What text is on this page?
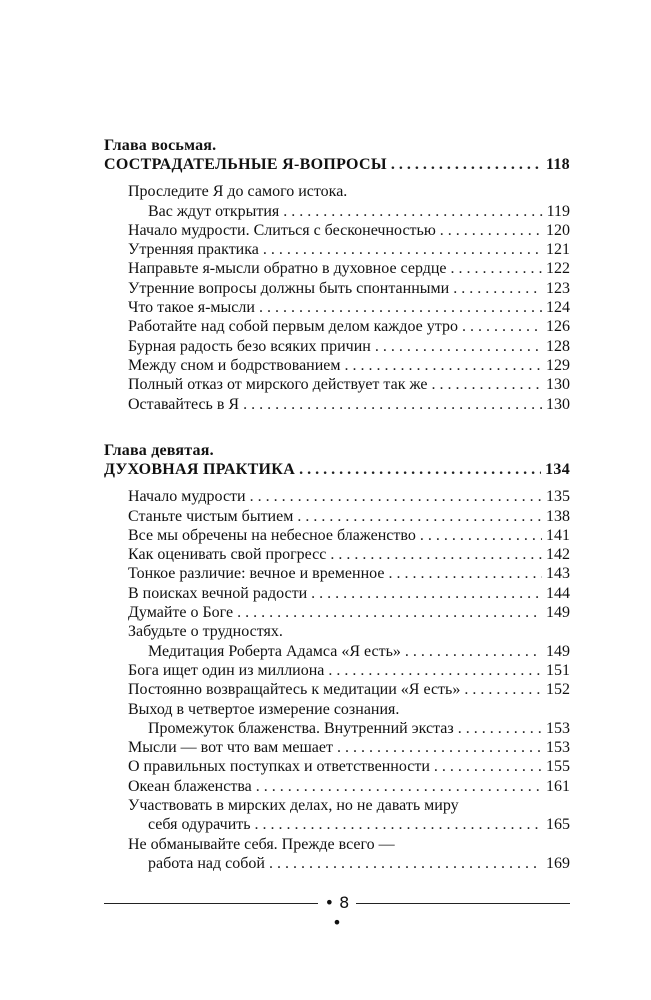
Глава восьмая.
СОСТРАДАТЕЛЬНЫЕ Я-ВОПРОСЫ . . .	118
Проследите Я до самого истока.
Вас ждут открытия . . .	119
Начало мудрости. Слиться с бесконечностью . . .	120
Утренняя практика . . .	121
Направьте я-мысли обратно в духовное сердце . . .	122
Утренние вопросы должны быть спонтанными . . .	123
Что такое я-мысли . . .	124
Работайте над собой первым делом каждое утро . . .	126
Бурная радость безо всяких причин . . .	128
Между сном и бодрствованием . . .	129
Полный отказ от мирского действует так же . . .	130
Оставайтесь в Я . . .	130
Глава девятая.
ДУХОВНАЯ ПРАКТИКА . . .	134
Начало мудрости . . .	135
Станьте чистым бытием . . .	138
Все мы обречены на небесное блаженство . . .	141
Как оценивать свой прогресс . . .	142
Тонкое различие: вечное и временное . . .	143
В поисках вечной радости . . .	144
Думайте о Боге . . .	149
Забудьте о трудностях.
Медитация Роберта Адамса «Я есть» . . .	149
Бога ищет один из миллиона . . .	151
Постоянно возвращайтесь к медитации «Я есть» . . .	152
Выход в четвертое измерение сознания.
Промежуток блаженства. Внутренний экстаз . . .	153
Мысли — вот что вам мешает . . .	153
О правильных поступках и ответственности . . .	155
Океан блаженства . . .	161
Участвовать в мирских делах, но не давать миру
себя одурачить . . .	165
Не обманывайте себя. Прежде всего —
работа над собой . . .	169
• 8 •
